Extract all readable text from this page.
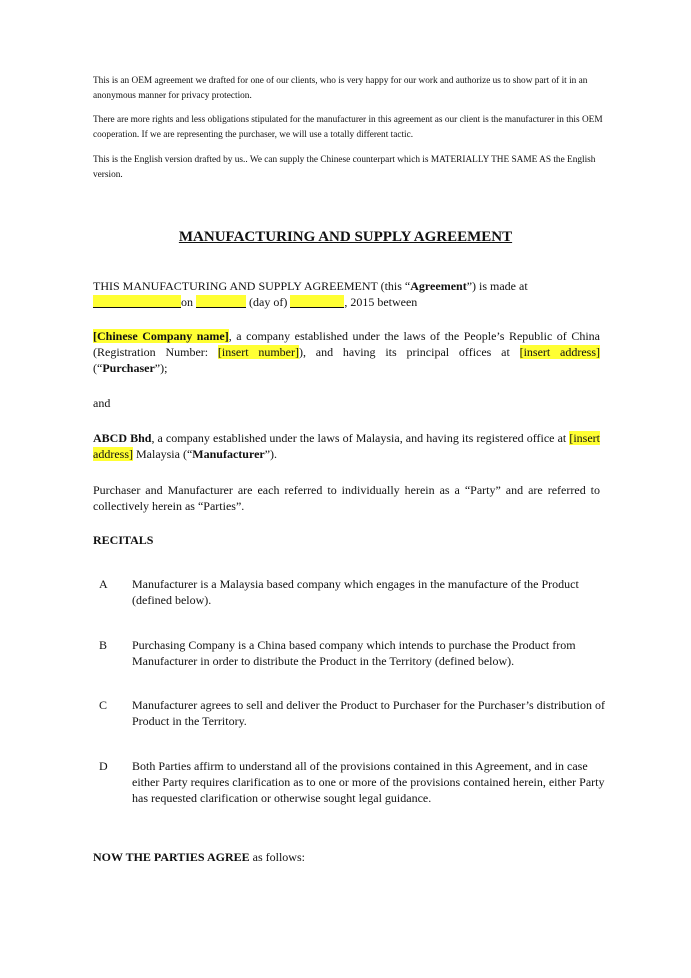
This is an OEM agreement we drafted for one of our clients, who is very happy for our work and authorize us to show part of it in an anonymous manner for privacy protection.

There are more rights and less obligations stipulated for the manufacturer in this agreement as our client is the manufacturer in this OEM cooperation. If we are representing the purchaser, we will use a totally different tactic.

This is the English version drafted by us.. We can supply the Chinese counterpart which is MATERIALLY THE SAME AS the English version.

MANUFACTURING AND SUPPLY AGREEMENT

THIS MANUFACTURING AND SUPPLY AGREEMENT (this “Agreement”) is made at
on	(day of)	, 2015 between

[Chinese Company name], a company established under the laws of the People’s Republic of China (Registration Number: [insert number]), and having its principal offices at [insert address] (“Purchaser”);

and

ABCD Bhd, a company established under the laws of Malaysia, and having its registered office at [insert address] Malaysia (“Manufacturer”).

Purchaser and Manufacturer are each referred to individually herein as a “Party” and are referred to collectively herein as “Parties”.

RECITALS
A Manufacturer is a Malaysia based company which engages in the manufacture of the Product (defined below).
B Purchasing Company is a China based company which intends to purchase the Product from Manufacturer in order to distribute the Product in the Territory (defined below).
C Manufacturer agrees to sell and deliver the Product to Purchaser for the Purchaser’s distribution of Product in the Territory.
D Both Parties affirm to understand all of the provisions contained in this Agreement, and in case either Party requires clarification as to one or more of the provisions contained herein, either Party has requested clarification or otherwise sought legal guidance.

NOW THE PARTIES AGREE as follows:
